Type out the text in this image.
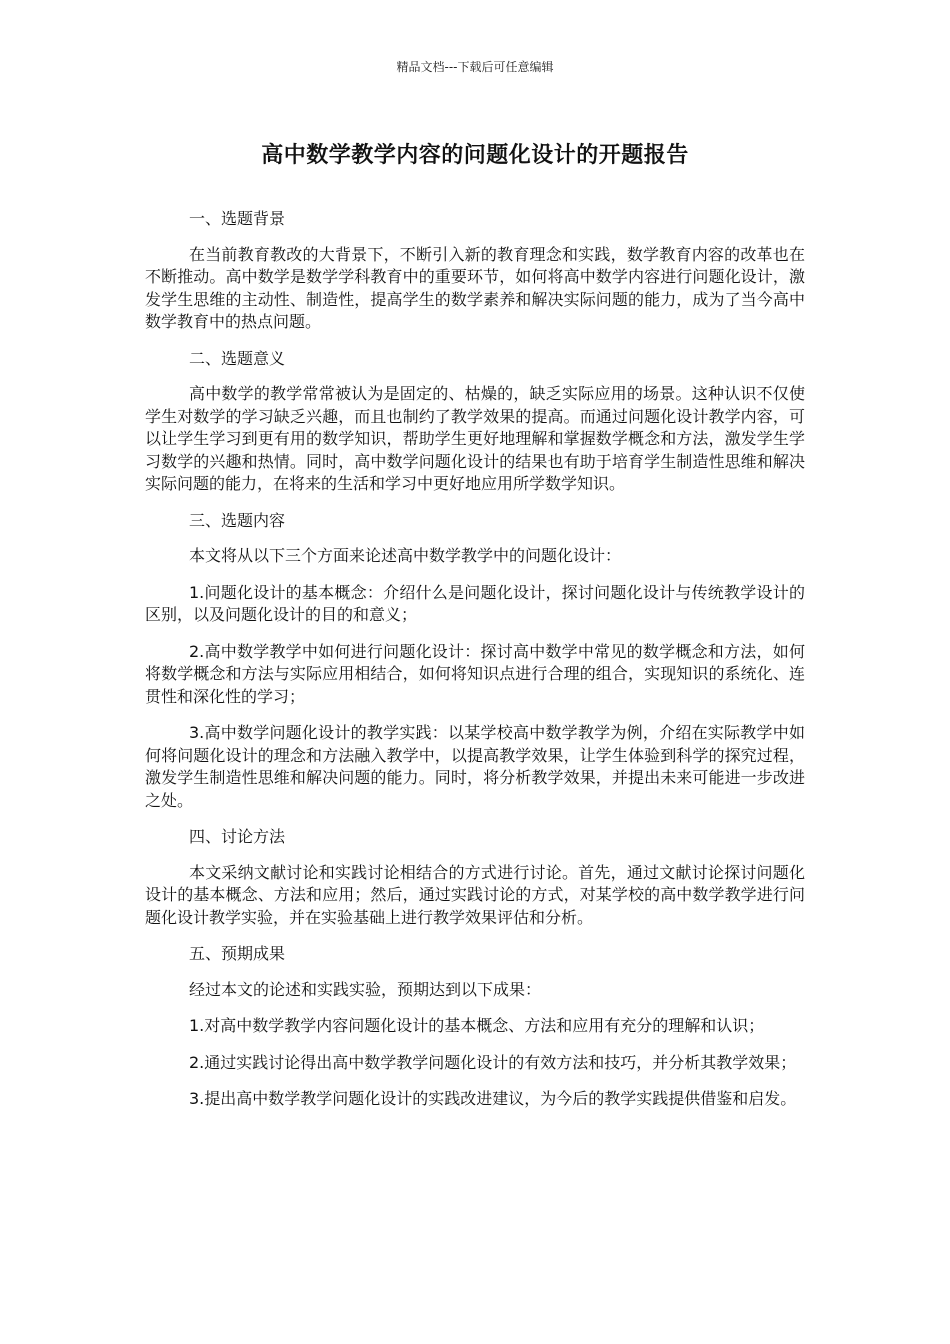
精品文档---下载后可任意编辑
高中数学教学内容的问题化设计的开题报告

一、选题背景

在当前教育教改的大背景下，不断引入新的教育理念和实践，数学教育内容的改革也在不断推动。高中数学是数学学科教育中的重要环节，如何将高中数学内容进行问题化设计，激发学生思维的主动性、制造性，提高学生的数学素养和解决实际问题的能力，成为了当今高中数学教育中的热点问题。

二、选题意义

高中数学的教学常常被认为是固定的、枯燥的，缺乏实际应用的场景。这种认识不仅使学生对数学的学习缺乏兴趣，而且也制约了教学效果的提高。而通过问题化设计教学内容，可以让学生学习到更有用的数学知识，帮助学生更好地理解和掌握数学概念和方法，激发学生学习数学的兴趣和热情。同时，高中数学问题化设计的结果也有助于培育学生制造性思维和解决实际问题的能力，在将来的生活和学习中更好地应用所学数学知识。

三、选题内容

本文将从以下三个方面来论述高中数学教学中的问题化设计：

1.问题化设计的基本概念：介绍什么是问题化设计，探讨问题化设计与传统教学设计的区别，以及问题化设计的目的和意义；

2.高中数学教学中如何进行问题化设计：探讨高中数学中常见的数学概念和方法，如何将数学概念和方法与实际应用相结合，如何将知识点进行合理的组合，实现知识的系统化、连贯性和深化性的学习；

3.高中数学问题化设计的教学实践：以某学校高中数学教学为例，介绍在实际教学中如何将问题化设计的理念和方法融入教学中，以提高教学效果，让学生体验到科学的探究过程，激发学生制造性思维和解决问题的能力。同时，将分析教学效果，并提出未来可能进一步改进之处。

四、讨论方法

本文采纳文献讨论和实践讨论相结合的方式进行讨论。首先，通过文献讨论探讨问题化设计的基本概念、方法和应用；然后，通过实践讨论的方式，对某学校的高中数学教学进行问题化设计教学实验，并在实验基础上进行教学效果评估和分析。

五、预期成果

经过本文的论述和实践实验，预期达到以下成果：

1.对高中数学教学内容问题化设计的基本概念、方法和应用有充分的理解和认识；

2.通过实践讨论得出高中数学教学问题化设计的有效方法和技巧，并分析其教学效果；

3.提出高中数学教学问题化设计的实践改进建议，为今后的教学实践提供借鉴和启发。
